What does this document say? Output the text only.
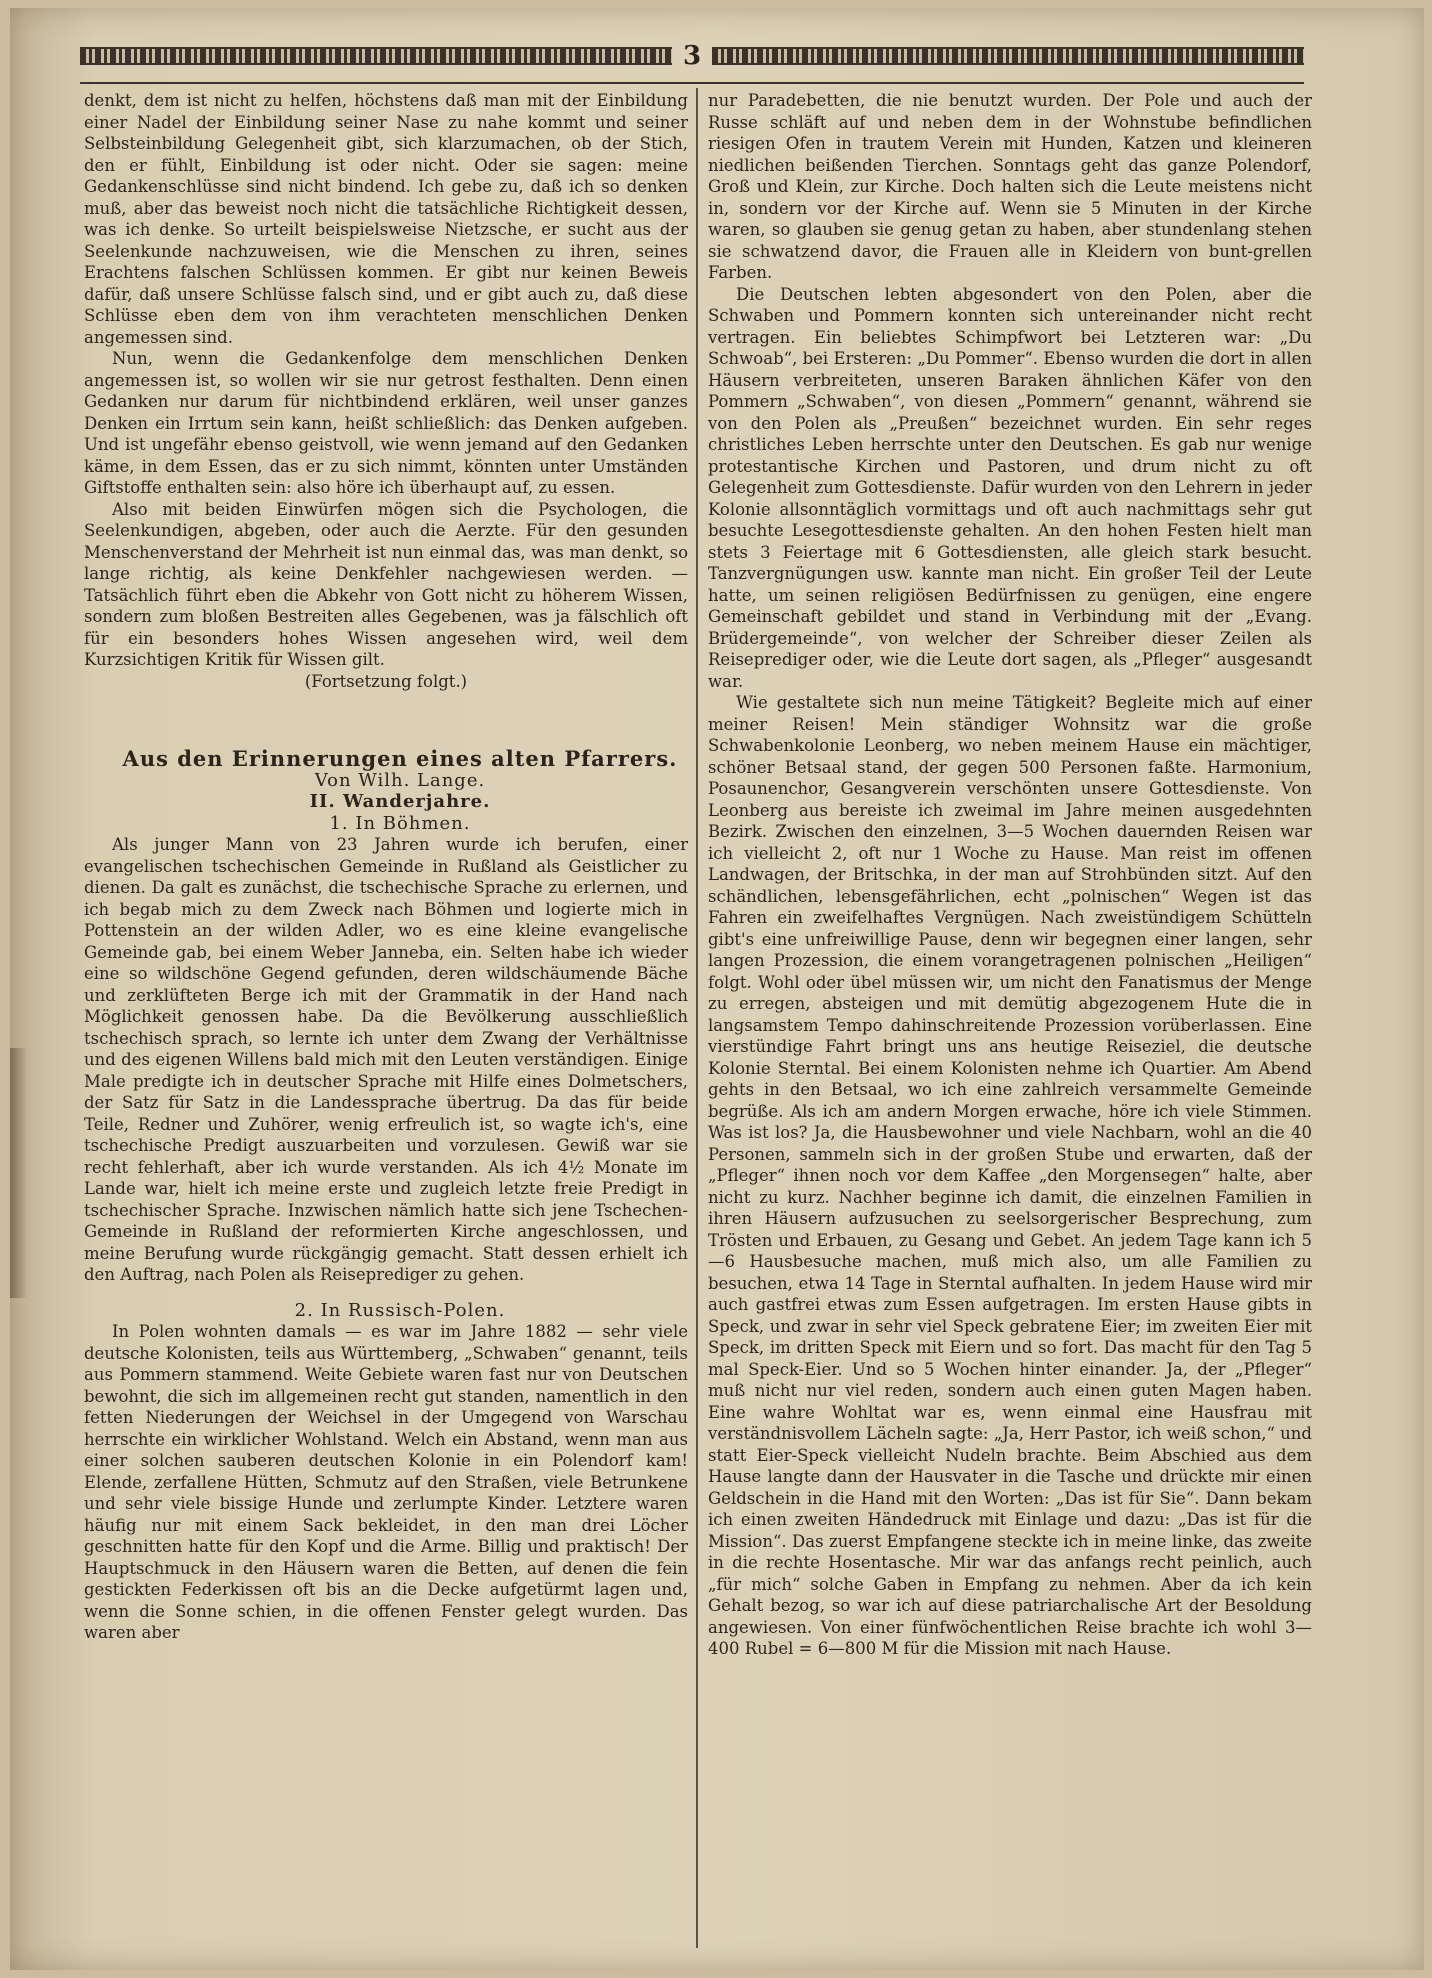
3

denkt, dem ist nicht zu helfen, höchstens daß man mit der Einbildung einer Nadel der Einbildung seiner Nase zu nahe kommt und seiner Selbsteinbildung Gelegenheit gibt, sich klarzumachen, ob der Stich, den er fühlt, Einbildung ist oder nicht. Oder sie sagen: meine Gedankenschlüsse sind nicht bindend. Ich gebe zu, daß ich so denken muß, aber das beweist noch nicht die tatsächliche Richtigkeit dessen, was ich denke. So urteilt beispielsweise Nietzsche, er sucht aus der Seelenkunde nachzuweisen, wie die Menschen zu ihren, seines Erachtens falschen Schlüssen kommen. Er gibt nur keinen Beweis dafür, daß unsere Schlüsse falsch sind, und er gibt auch zu, daß diese Schlüsse eben dem von ihm verachteten menschlichen Denken angemessen sind.

Nun, wenn die Gedankenfolge dem menschlichen Denken angemessen ist, so wollen wir sie nur getrost festhalten. Denn einen Gedanken nur darum für nichtbindend erklären, weil unser ganzes Denken ein Irrtum sein kann, heißt schließlich: das Denken aufgeben. Und ist ungefähr ebenso geistvoll, wie wenn jemand auf den Gedanken käme, in dem Essen, das er zu sich nimmt, könnten unter Umständen Giftstoffe enthalten sein: also höre ich überhaupt auf, zu essen.

Also mit beiden Einwürfen mögen sich die Psychologen, die Seelenkundigen, abgeben, oder auch die Aerzte. Für den gesunden Menschenverstand der Mehrheit ist nun einmal das, was man denkt, so lange richtig, als keine Denkfehler nachgewiesen werden. — Tatsächlich führt eben die Abkehr von Gott nicht zu höherem Wissen, sondern zum bloßen Bestreiten alles Gegebenen, was ja fälschlich oft für ein besonders hohes Wissen angesehen wird, weil dem Kurzsichtigen Kritik für Wissen gilt.

(Fortsetzung folgt.)

Aus den Erinnerungen eines alten Pfarrers.

Von Wilh. Lange.

II. Wanderjahre.

1. In Böhmen.

Als junger Mann von 23 Jahren wurde ich berufen, einer evangelischen tschechischen Gemeinde in Rußland als Geistlicher zu dienen. Da galt es zunächst, die tschechische Sprache zu erlernen, und ich begab mich zu dem Zweck nach Böhmen und logierte mich in Pottenstein an der wilden Adler, wo es eine kleine evangelische Gemeinde gab, bei einem Weber Janneba, ein. Selten habe ich wieder eine so wildschöne Gegend gefunden, deren wildschäumende Bäche und zerklüfteten Berge ich mit der Grammatik in der Hand nach Möglichkeit genossen habe. Da die Bevölkerung ausschließlich tschechisch sprach, so lernte ich unter dem Zwang der Verhältnisse und des eigenen Willens bald mich mit den Leuten verständigen. Einige Male predigte ich in deutscher Sprache mit Hilfe eines Dolmetschers, der Satz für Satz in die Landessprache übertrug. Da das für beide Teile, Redner und Zuhörer, wenig erfreulich ist, so wagte ich's, eine tschechische Predigt auszuarbeiten und vorzulesen. Gewiß war sie recht fehlerhaft, aber ich wurde verstanden. Als ich 4½ Monate im Lande war, hielt ich meine erste und zugleich letzte freie Predigt in tschechischer Sprache. Inzwischen nämlich hatte sich jene Tschechen-Gemeinde in Rußland der reformierten Kirche angeschlossen, und meine Berufung wurde rückgängig gemacht. Statt dessen erhielt ich den Auftrag, nach Polen als Reiseprediger zu gehen.

2. In Russisch-Polen.

In Polen wohnten damals — es war im Jahre 1882 — sehr viele deutsche Kolonisten, teils aus Württemberg, „Schwaben“ genannt, teils aus Pommern stammend. Weite Gebiete waren fast nur von Deutschen bewohnt, die sich im allgemeinen recht gut standen, namentlich in den fetten Niederungen der Weichsel in der Umgegend von Warschau herrschte ein wirklicher Wohlstand. Welch ein Abstand, wenn man aus einer solchen sauberen deutschen Kolonie in ein Polendorf kam! Elende, zerfallene Hütten, Schmutz auf den Straßen, viele Betrunkene und sehr viele bissige Hunde und zerlumpte Kinder. Letztere waren häufig nur mit einem Sack bekleidet, in den man drei Löcher geschnitten hatte für den Kopf und die Arme. Billig und praktisch! Der Hauptschmuck in den Häusern waren die Betten, auf denen die fein gestickten Federkissen oft bis an die Decke aufgetürmt lagen und, wenn die Sonne schien, in die offenen Fenster gelegt wurden. Das waren aber

nur Paradebetten, die nie benutzt wurden. Der Pole und auch der Russe schläft auf und neben dem in der Wohnstube befindlichen riesigen Ofen in trautem Verein mit Hunden, Katzen und kleineren niedlichen beißenden Tierchen. Sonntags geht das ganze Polendorf, Groß und Klein, zur Kirche. Doch halten sich die Leute meistens nicht in, sondern vor der Kirche auf. Wenn sie 5 Minuten in der Kirche waren, so glauben sie genug getan zu haben, aber stundenlang stehen sie schwatzend davor, die Frauen alle in Kleidern von bunt-grellen Farben.

Die Deutschen lebten abgesondert von den Polen, aber die Schwaben und Pommern konnten sich untereinander nicht recht vertragen. Ein beliebtes Schimpfwort bei Letzteren war: „Du Schwoab“, bei Ersteren: „Du Pommer“. Ebenso wurden die dort in allen Häusern verbreiteten, unseren Baraken ähnlichen Käfer von den Pommern „Schwaben“, von diesen „Pommern“ genannt, während sie von den Polen als „Preußen“ bezeichnet wurden. Ein sehr reges christliches Leben herrschte unter den Deutschen. Es gab nur wenige protestantische Kirchen und Pastoren, und drum nicht zu oft Gelegenheit zum Gottesdienste. Dafür wurden von den Lehrern in jeder Kolonie allsonntäglich vormittags und oft auch nachmittags sehr gut besuchte Lesegottesdienste gehalten. An den hohen Festen hielt man stets 3 Feiertage mit 6 Gottesdiensten, alle gleich stark besucht. Tanzvergnügungen usw. kannte man nicht. Ein großer Teil der Leute hatte, um seinen religiösen Bedürfnissen zu genügen, eine engere Gemeinschaft gebildet und stand in Verbindung mit der „Evang. Brüdergemeinde“, von welcher der Schreiber dieser Zeilen als Reiseprediger oder, wie die Leute dort sagen, als „Pfleger“ ausgesandt war.

Wie gestaltete sich nun meine Tätigkeit? Begleite mich auf einer meiner Reisen! Mein ständiger Wohnsitz war die große Schwabenkolonie Leonberg, wo neben meinem Hause ein mächtiger, schöner Betsaal stand, der gegen 500 Personen faßte. Harmonium, Posaunenchor, Gesangverein verschönten unsere Gottesdienste. Von Leonberg aus bereiste ich zweimal im Jahre meinen ausgedehnten Bezirk. Zwischen den einzelnen, 3—5 Wochen dauernden Reisen war ich vielleicht 2, oft nur 1 Woche zu Hause. Man reist im offenen Landwagen, der Britschka, in der man auf Strohbünden sitzt. Auf den schändlichen, lebensgefährlichen, echt „polnischen“ Wegen ist das Fahren ein zweifelhaftes Vergnügen. Nach zweistündigem Schütteln gibt's eine unfreiwillige Pause, denn wir begegnen einer langen, sehr langen Prozession, die einem vorangetragenen polnischen „Heiligen“ folgt. Wohl oder übel müssen wir, um nicht den Fanatismus der Menge zu erregen, absteigen und mit demütig abgezogenem Hute die in langsamstem Tempo dahinschreitende Prozession vorüberlassen. Eine vierstündige Fahrt bringt uns ans heutige Reiseziel, die deutsche Kolonie Sterntal. Bei einem Kolonisten nehme ich Quartier. Am Abend gehts in den Betsaal, wo ich eine zahlreich versammelte Gemeinde begrüße. Als ich am andern Morgen erwache, höre ich viele Stimmen. Was ist los? Ja, die Hausbewohner und viele Nachbarn, wohl an die 40 Personen, sammeln sich in der großen Stube und erwarten, daß der „Pfleger“ ihnen noch vor dem Kaffee „den Morgensegen“ halte, aber nicht zu kurz. Nachher beginne ich damit, die einzelnen Familien in ihren Häusern aufzusuchen zu seelsorgerischer Besprechung, zum Trösten und Erbauen, zu Gesang und Gebet. An jedem Tage kann ich 5—6 Hausbesuche machen, muß mich also, um alle Familien zu besuchen, etwa 14 Tage in Sterntal aufhalten. In jedem Hause wird mir auch gastfrei etwas zum Essen aufgetragen. Im ersten Hause gibts in Speck, und zwar in sehr viel Speck gebratene Eier; im zweiten Eier mit Speck, im dritten Speck mit Eiern und so fort. Das macht für den Tag 5 mal Speck-Eier. Und so 5 Wochen hinter einander. Ja, der „Pfleger“ muß nicht nur viel reden, sondern auch einen guten Magen haben. Eine wahre Wohltat war es, wenn einmal eine Hausfrau mit verständnisvollem Lächeln sagte: „Ja, Herr Pastor, ich weiß schon,“ und statt Eier-Speck vielleicht Nudeln brachte. Beim Abschied aus dem Hause langte dann der Hausvater in die Tasche und drückte mir einen Geldschein in die Hand mit den Worten: „Das ist für Sie“. Dann bekam ich einen zweiten Händedruck mit Einlage und dazu: „Das ist für die Mission“. Das zuerst Empfangene steckte ich in meine linke, das zweite in die rechte Hosentasche. Mir war das anfangs recht peinlich, auch „für mich“ solche Gaben in Empfang zu nehmen. Aber da ich kein Gehalt bezog, so war ich auf diese patriarchalische Art der Besoldung angewiesen. Von einer fünfwöchentlichen Reise brachte ich wohl 3—400 Rubel = 6—800 M für die Mission mit nach Hause.
